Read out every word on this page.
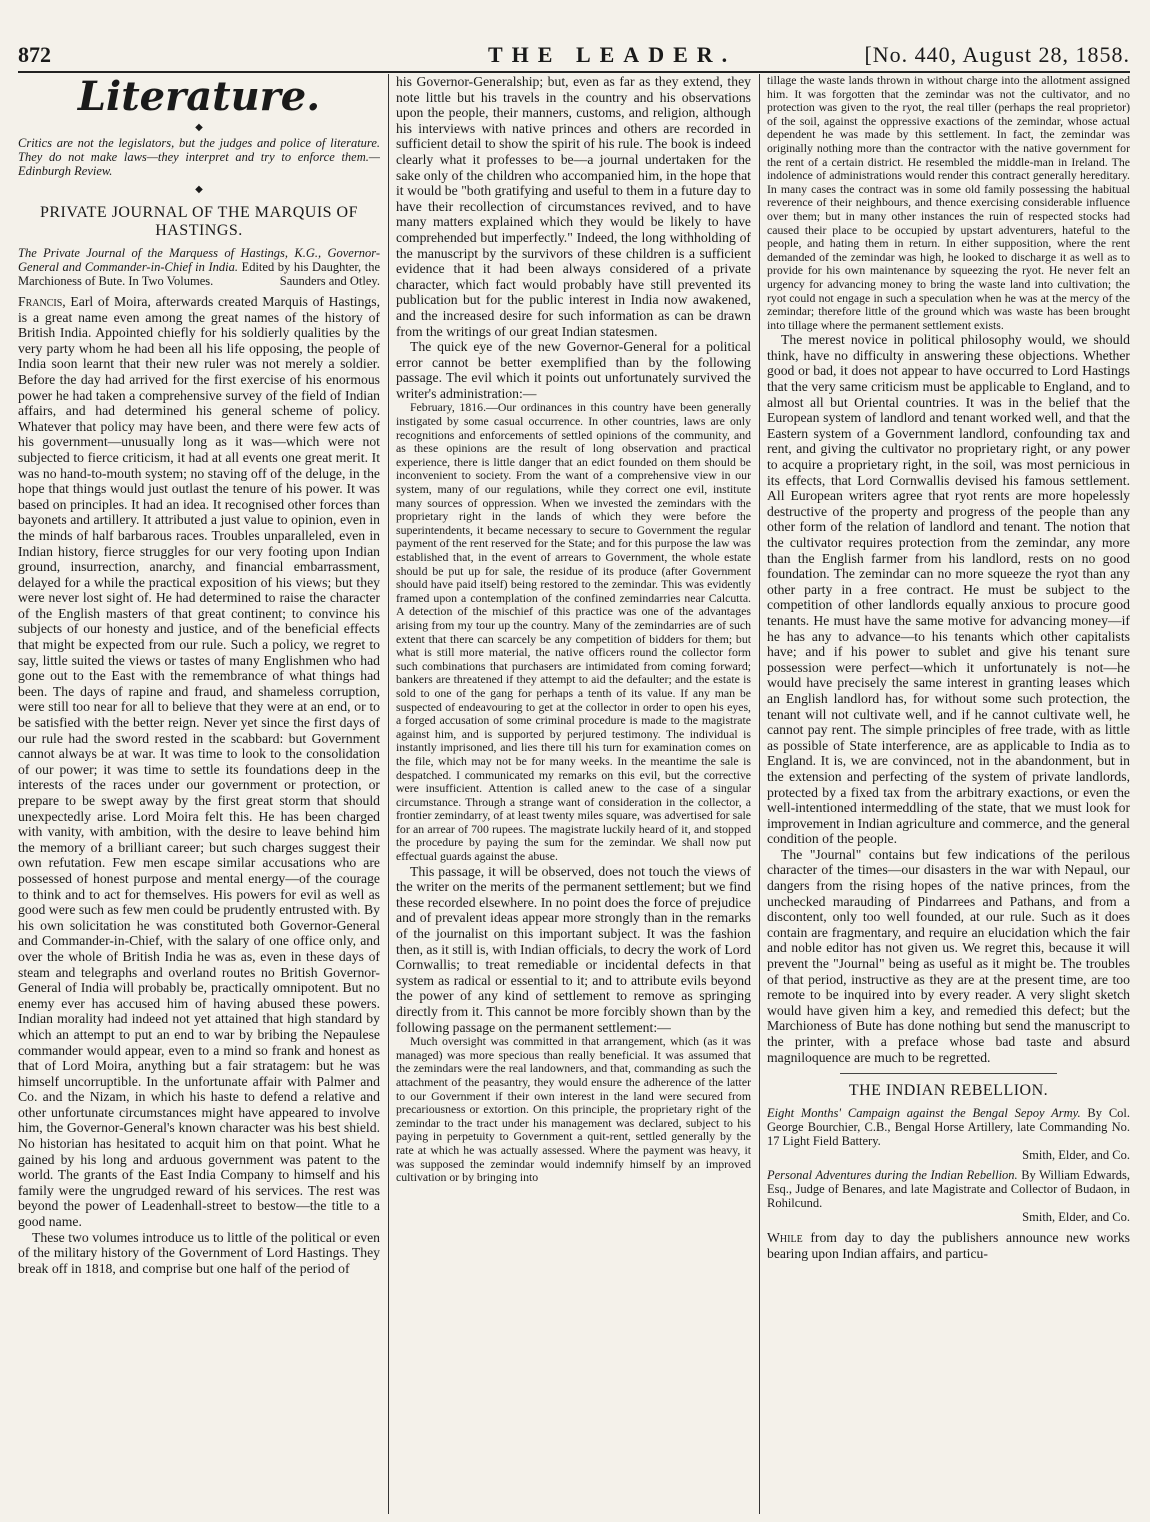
872	THE LEADER.	[No. 440, August 28, 1858.
Literature.
◆
Critics are not the legislators, but the judges and police of literature. They do not make laws—they interpret and try to enforce them.—Edinburgh Review.
◆
PRIVATE JOURNAL OF THE MARQUIS OF HASTINGS.
The Private Journal of the Marquess of Hastings, K.G., Governor-General and Commander-in-Chief in India. Edited by his Daughter, the Marchioness of Bute. In Two Volumes.	Saunders and Otley.

Francis, Earl of Moira, afterwards created Marquis of Hastings, is a great name even among the great names of the history of British India. Appointed chiefly for his soldierly qualities by the very party whom he had been all his life opposing, the people of India soon learnt that their new ruler was not merely a soldier. Before the day had arrived for the first exercise of his enormous power he had taken a comprehensive survey of the field of Indian affairs, and had determined his general scheme of policy. Whatever that policy may have been, and there were few acts of his government—unusually long as it was—which were not subjected to fierce criticism, it had at all events one great merit. It was no hand-to-mouth system; no staving off of the deluge, in the hope that things would just outlast the tenure of his power. It was based on principles. It had an idea. It recognised other forces than bayonets and artillery. It attributed a just value to opinion, even in the minds of half barbarous races. Troubles unparalleled, even in Indian history, fierce struggles for our very footing upon Indian ground, insurrection, anarchy, and financial embarrassment, delayed for a while the practical exposition of his views; but they were never lost sight of. He had determined to raise the character of the English masters of that great continent; to convince his subjects of our honesty and justice, and of the beneficial effects that might be expected from our rule. Such a policy, we regret to say, little suited the views or tastes of many Englishmen who had gone out to the East with the remembrance of what things had been. The days of rapine and fraud, and shameless corruption, were still too near for all to believe that they were at an end, or to be satisfied with the better reign. Never yet since the first days of our rule had the sword rested in the scabbard: but Government cannot always be at war. It was time to look to the consolidation of our power; it was time to settle its foundations deep in the interests of the races under our government or protection, or prepare to be swept away by the first great storm that should unexpectedly arise. Lord Moira felt this. He has been charged with vanity, with ambition, with the desire to leave behind him the memory of a brilliant career; but such charges suggest their own refutation. Few men escape similar accusations who are possessed of honest purpose and mental energy—of the courage to think and to act for themselves. His powers for evil as well as good were such as few men could be prudently entrusted with. By his own solicitation he was constituted both Governor-General and Commander-in-Chief, with the salary of one office only, and over the whole of British India he was as, even in these days of steam and telegraphs and overland routes no British Governor-General of India will probably be, practically omnipotent. But no enemy ever has accused him of having abused these powers. Indian morality had indeed not yet attained that high standard by which an attempt to put an end to war by bribing the Nepaulese commander would appear, even to a mind so frank and honest as that of Lord Moira, anything but a fair stratagem: but he was himself uncorruptible. In the unfortunate affair with Palmer and Co. and the Nizam, in which his haste to defend a relative and other unfortunate circumstances might have appeared to involve him, the Governor-General's known character was his best shield. No historian has hesitated to acquit him on that point. What he gained by his long and arduous government was patent to the world. The grants of the East India Company to himself and his family were the ungrudged reward of his services. The rest was beyond the power of Leadenhall-street to bestow—the title to a good name.

These two volumes introduce us to little of the political or even of the military history of the Government of Lord Hastings. They break off in 1818, and comprise but one half of the period of

his Governor-Generalship; but, even as far as they extend, they note little but his travels in the country and his observations upon the people, their manners, customs, and religion, although his interviews with native princes and others are recorded in sufficient detail to show the spirit of his rule. The book is indeed clearly what it professes to be—a journal undertaken for the sake only of the children who accompanied him, in the hope that it would be "both gratifying and useful to them in a future day to have their recollection of circumstances revived, and to have many matters explained which they would be likely to have comprehended but imperfectly." Indeed, the long withholding of the manuscript by the survivors of these children is a sufficient evidence that it had been always considered of a private character, which fact would probably have still prevented its publication but for the public interest in India now awakened, and the increased desire for such information as can be drawn from the writings of our great Indian statesmen.

The quick eye of the new Governor-General for a political error cannot be better exemplified than by the following passage. The evil which it points out unfortunately survived the writer's administration:—

February, 1816.—Our ordinances in this country have been generally instigated by some casual occurrence. In other countries, laws are only recognitions and enforcements of settled opinions of the community, and as these opinions are the result of long observation and practical experience, there is little danger that an edict founded on them should be inconvenient to society. From the want of a comprehensive view in our system, many of our regulations, while they correct one evil, institute many sources of oppression. When we invested the zemindars with the proprietary right in the lands of which they were before the superintendents, it became necessary to secure to Government the regular payment of the rent reserved for the State; and for this purpose the law was established that, in the event of arrears to Government, the whole estate should be put up for sale, the residue of its produce (after Government should have paid itself) being restored to the zemindar. This was evidently framed upon a contemplation of the confined zemindarries near Calcutta. A detection of the mischief of this practice was one of the advantages arising from my tour up the country. Many of the zemindarries are of such extent that there can scarcely be any competition of bidders for them; but what is still more material, the native officers round the collector form such combinations that purchasers are intimidated from coming forward; bankers are threatened if they attempt to aid the defaulter; and the estate is sold to one of the gang for perhaps a tenth of its value. If any man be suspected of endeavouring to get at the collector in order to open his eyes, a forged accusation of some criminal procedure is made to the magistrate against him, and is supported by perjured testimony. The individual is instantly imprisoned, and lies there till his turn for examination comes on the file, which may not be for many weeks. In the meantime the sale is despatched. I communicated my remarks on this evil, but the corrective were insufficient. Attention is called anew to the case of a singular circumstance. Through a strange want of consideration in the collector, a frontier zemindarry, of at least twenty miles square, was advertised for sale for an arrear of 700 rupees. The magistrate luckily heard of it, and stopped the procedure by paying the sum for the zemindar. We shall now put effectual guards against the abuse.

This passage, it will be observed, does not touch the views of the writer on the merits of the permanent settlement; but we find these recorded elsewhere. In no point does the force of prejudice and of prevalent ideas appear more strongly than in the remarks of the journalist on this important subject. It was the fashion then, as it still is, with Indian officials, to decry the work of Lord Cornwallis; to treat remediable or incidental defects in that system as radical or essential to it; and to attribute evils beyond the power of any kind of settlement to remove as springing directly from it. This cannot be more forcibly shown than by the following passage on the permanent settlement:—

Much oversight was committed in that arrangement, which (as it was managed) was more specious than really beneficial. It was assumed that the zemindars were the real landowners, and that, commanding as such the attachment of the peasantry, they would ensure the adherence of the latter to our Government if their own interest in the land were secured from precariousness or extortion. On this principle, the proprietary right of the zemindar to the tract under his management was declared, subject to his paying in perpetuity to Government a quit-rent, settled generally by the rate at which he was actually assessed. Where the payment was heavy, it was supposed the zemindar would indemnify himself by an improved cultivation or by bringing into

tillage the waste lands thrown in without charge into the allotment assigned him. It was forgotten that the zemindar was not the cultivator, and no protection was given to the ryot, the real tiller (perhaps the real proprietor) of the soil, against the oppressive exactions of the zemindar, whose actual dependent he was made by this settlement. In fact, the zemindar was originally nothing more than the contractor with the native government for the rent of a certain district. He resembled the middle-man in Ireland. The indolence of administrations would render this contract generally hereditary. In many cases the contract was in some old family possessing the habitual reverence of their neighbours, and thence exercising considerable influence over them; but in many other instances the ruin of respected stocks had caused their place to be occupied by upstart adventurers, hateful to the people, and hating them in return. In either supposition, where the rent demanded of the zemindar was high, he looked to discharge it as well as to provide for his own maintenance by squeezing the ryot. He never felt an urgency for advancing money to bring the waste land into cultivation; the ryot could not engage in such a speculation when he was at the mercy of the zemindar; therefore little of the ground which was waste has been brought into tillage where the permanent settlement exists.

The merest novice in political philosophy would, we should think, have no difficulty in answering these objections. Whether good or bad, it does not appear to have occurred to Lord Hastings that the very same criticism must be applicable to England, and to almost all but Oriental countries. It was in the belief that the European system of landlord and tenant worked well, and that the Eastern system of a Government landlord, confounding tax and rent, and giving the cultivator no proprietary right, or any power to acquire a proprietary right, in the soil, was most pernicious in its effects, that Lord Cornwallis devised his famous settlement. All European writers agree that ryot rents are more hopelessly destructive of the property and progress of the people than any other form of the relation of landlord and tenant. The notion that the cultivator requires protection from the zemindar, any more than the English farmer from his landlord, rests on no good foundation. The zemindar can no more squeeze the ryot than any other party in a free contract. He must be subject to the competition of other landlords equally anxious to procure good tenants. He must have the same motive for advancing money—if he has any to advance—to his tenants which other capitalists have; and if his power to sublet and give his tenant sure possession were perfect—which it unfortunately is not—he would have precisely the same interest in granting leases which an English landlord has, for without some such protection, the tenant will not cultivate well, and if he cannot cultivate well, he cannot pay rent. The simple principles of free trade, with as little as possible of State interference, are as applicable to India as to England. It is, we are convinced, not in the abandonment, but in the extension and perfecting of the system of private landlords, protected by a fixed tax from the arbitrary exactions, or even the well-intentioned intermeddling of the state, that we must look for improvement in Indian agriculture and commerce, and the general condition of the people.

The "Journal" contains but few indications of the perilous character of the times—our disasters in the war with Nepaul, our dangers from the rising hopes of the native princes, from the unchecked marauding of Pindarrees and Pathans, and from a discontent, only too well founded, at our rule. Such as it does contain are fragmentary, and require an elucidation which the fair and noble editor has not given us. We regret this, because it will prevent the "Journal" being as useful as it might be. The troubles of that period, instructive as they are at the present time, are too remote to be inquired into by every reader. A very slight sketch would have given him a key, and remedied this defect; but the Marchioness of Bute has done nothing but send the manuscript to the printer, with a preface whose bad taste and absurd magniloquence are much to be regretted.

THE INDIAN REBELLION.
Eight Months' Campaign against the Bengal Sepoy Army. By Col. George Bourchier, C.B., Bengal Horse Artillery, late Commanding No. 17 Light Field Battery.
Smith, Elder, and Co.
Personal Adventures during the Indian Rebellion. By William Edwards, Esq., Judge of Benares, and late Magistrate and Collector of Budaon, in Rohilcund.
Smith, Elder, and Co.

While from day to day the publishers announce new works bearing upon Indian affairs, and particu-
